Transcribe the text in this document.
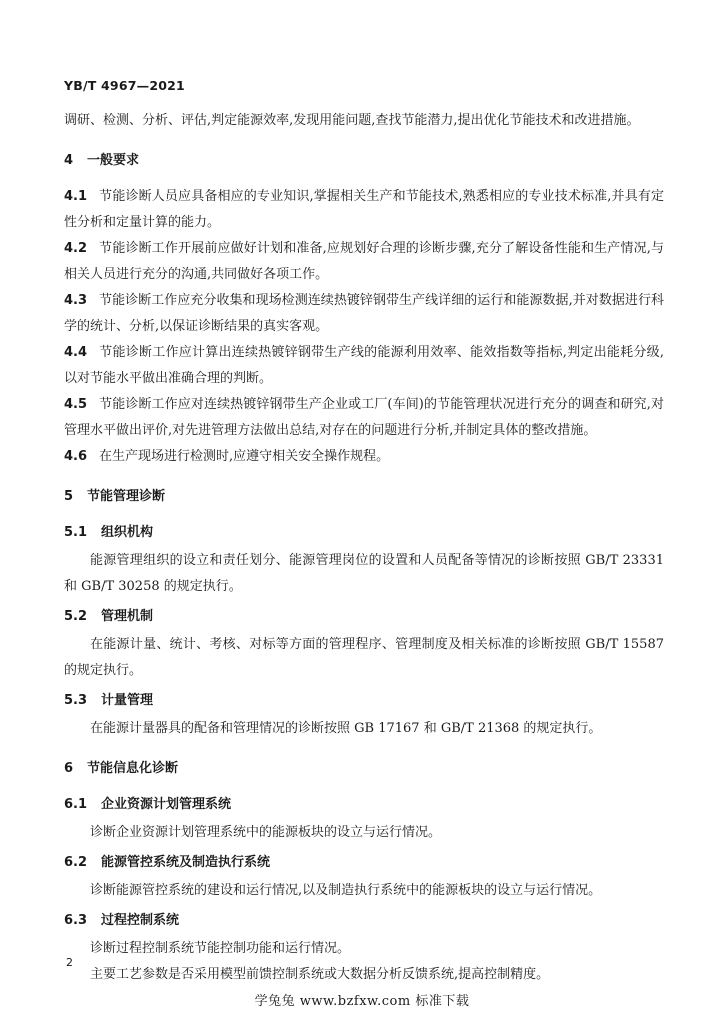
YB/T 4967—2021

调研、检测、分析、评估,判定能源效率,发现用能问题,查找节能潜力,提出优化节能技术和改进措施。

4 一般要求

4.1 节能诊断人员应具备相应的专业知识,掌握相关生产和节能技术,熟悉相应的专业技术标准,并具有定性分析和定量计算的能力。

4.2 节能诊断工作开展前应做好计划和准备,应规划好合理的诊断步骤,充分了解设备性能和生产情况,与相关人员进行充分的沟通,共同做好各项工作。

4.3 节能诊断工作应充分收集和现场检测连续热镀锌钢带生产线详细的运行和能源数据,并对数据进行科学的统计、分析,以保证诊断结果的真实客观。

4.4 节能诊断工作应计算出连续热镀锌钢带生产线的能源利用效率、能效指数等指标,判定出能耗分级,以对节能水平做出准确合理的判断。

4.5 节能诊断工作应对连续热镀锌钢带生产企业或工厂(车间)的节能管理状况进行充分的调查和研究,对管理水平做出评价,对先进管理方法做出总结,对存在的问题进行分析,并制定具体的整改措施。

4.6 在生产现场进行检测时,应遵守相关安全操作规程。

5 节能管理诊断
5.1 组织机构

能源管理组织的设立和责任划分、能源管理岗位的设置和人员配备等情况的诊断按照 GB/T 23331 和 GB/T 30258 的规定执行。

5.2 管理机制

在能源计量、统计、考核、对标等方面的管理程序、管理制度及相关标准的诊断按照 GB/T 15587 的规定执行。

5.3 计量管理

在能源计量器具的配备和管理情况的诊断按照 GB 17167 和 GB/T 21368 的规定执行。

6 节能信息化诊断
6.1 企业资源计划管理系统

诊断企业资源计划管理系统中的能源板块的设立与运行情况。

6.2 能源管控系统及制造执行系统

诊断能源管控系统的建设和运行情况,以及制造执行系统中的能源板块的设立与运行情况。

6.3 过程控制系统

诊断过程控制系统节能控制功能和运行情况。

主要工艺参数是否采用模型前馈控制系统或大数据分析反馈系统,提高控制精度。

2
学兔兔 www.bzfxw.com 标准下载
